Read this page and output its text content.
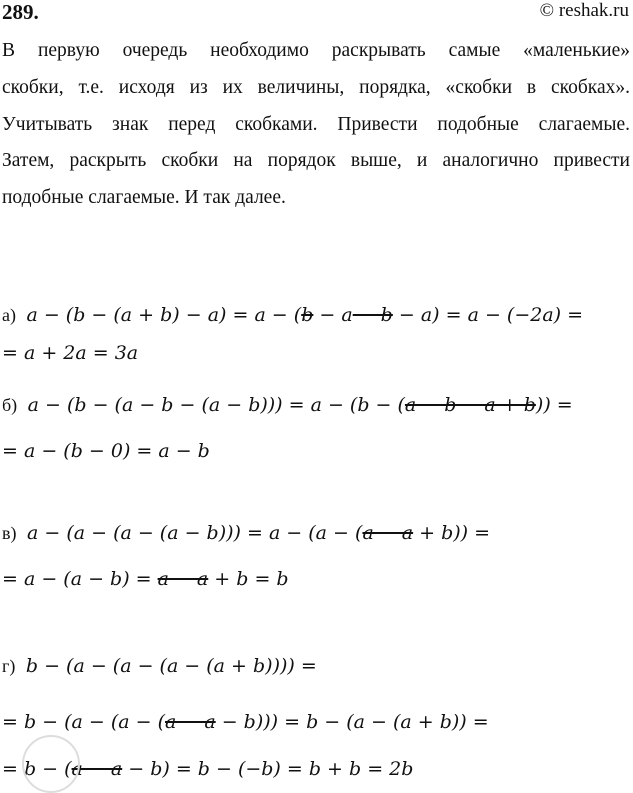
289.	© reshak.ru
В первую очередь необходимо раскрывать самые «маленькие»
скобки, т.е. исходя из их величины, порядка, «скобки в скобках».
Учитывать знак перед скобками. Привести подобные слагаемые.
Затем, раскрыть скобки на порядок выше, и аналогично привести
подобные слагаемые. И так далее.
а) a − (b − (a + b) − a) = a − (b − a − b − a) = a − (−2a) =
= a + 2a = 3a
б) a − (b − (a − b − (a − b))) = a − (b − (a − b − a + b)) =
= a − (b − 0) = a − b
в) a − (a − (a − (a − b))) = a − (a − (a − a + b)) =
= a − (a − b) = a − a + b = b
г) b − (a − (a − (a − (a + b)))) =
= b − (a − (a − (a − a − b))) = b − (a − (a + b)) =
= b − (a − a − b) = b − (−b) = b + b = 2b
